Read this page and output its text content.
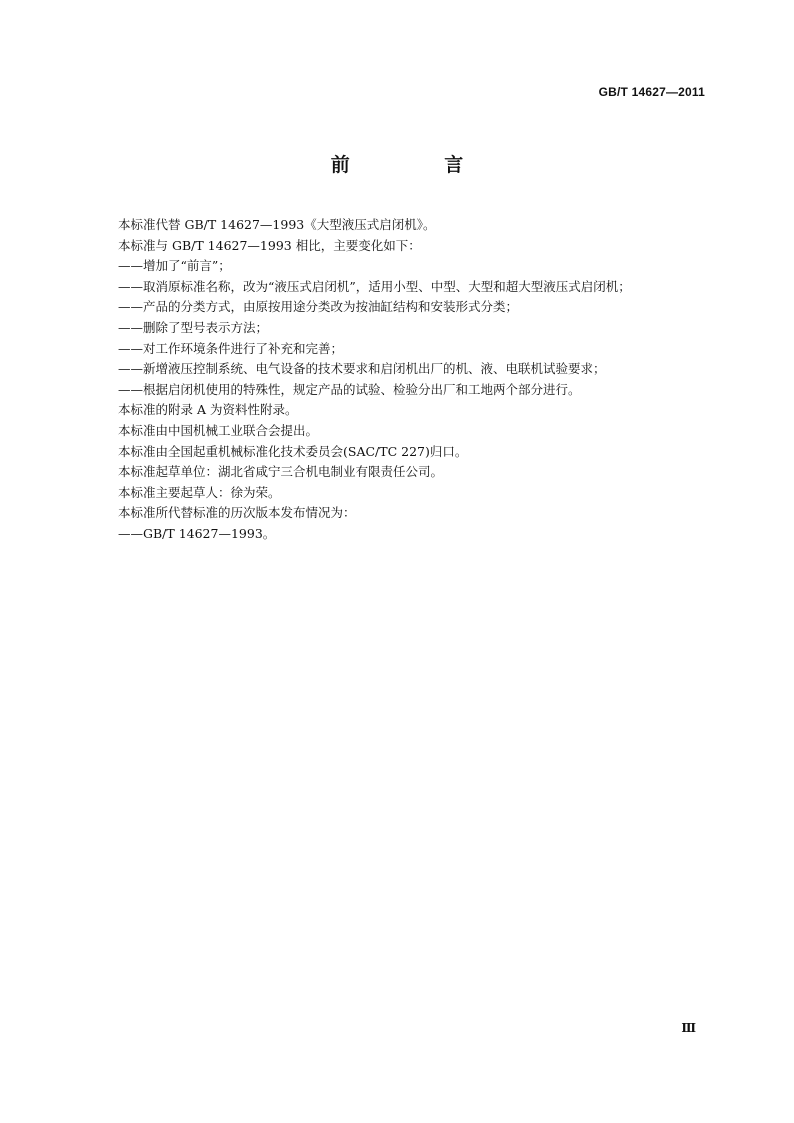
GB/T 14627—2011
前 言
本标准代替 GB/T 14627—1993《大型液压式启闭机》。
本标准与 GB/T 14627—1993 相比，主要变化如下：
——增加了“前言”；
——取消原标准名称，改为“液压式启闭机”，适用小型、中型、大型和超大型液压式启闭机；
——产品的分类方式，由原按用途分类改为按油缸结构和安装形式分类；
——删除了型号表示方法；
——对工作环境条件进行了补充和完善；
——新增液压控制系统、电气设备的技术要求和启闭机出厂的机、液、电联机试验要求；
——根据启闭机使用的特殊性，规定产品的试验、检验分出厂和工地两个部分进行。
本标准的附录 A 为资料性附录。
本标准由中国机械工业联合会提出。
本标准由全国起重机械标准化技术委员会(SAC/TC 227)归口。
本标准起草单位：湖北省咸宁三合机电制业有限责任公司。
本标准主要起草人：徐为荣。
本标准所代替标准的历次版本发布情况为：
——GB/T 14627—1993。
Ⅲ
